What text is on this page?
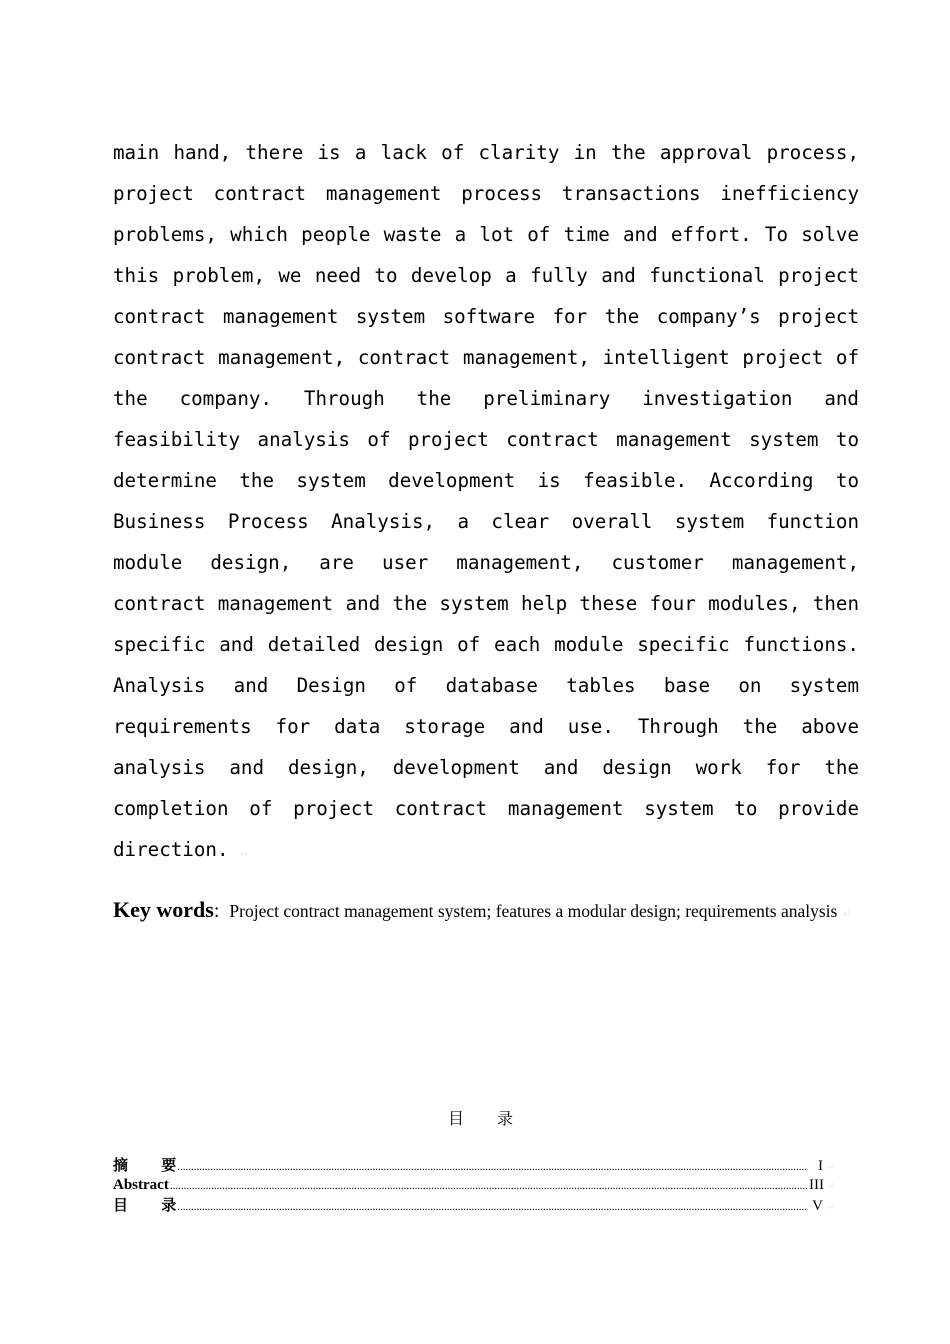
main hand, there is a lack of clarity in the approval process, project contract management process transactions inefficiency problems, which people waste a lot of time and effort. To solve this problem, we need to develop a fully and functional project contract management system software for the company’s project contract management, contract management, intelligent project of the company. Through the preliminary investigation and feasibility analysis of project contract management system to determine the system development is feasible. According to Business Process Analysis, a clear overall system function module design, are user management, customer management, contract management and the system help these four modules, then specific and detailed design of each module specific functions. Analysis and Design of database tables base on system requirements for data storage and use. Through the above analysis and design, development and design work for the completion of project contract management system to provide direction. ↵

Key words: Project contract management system; features a modular design; requirements analysis ↵

目 录
摘 要 .....	I ↵
Abstract .....	III ↵
目 录 .....	V ↵
